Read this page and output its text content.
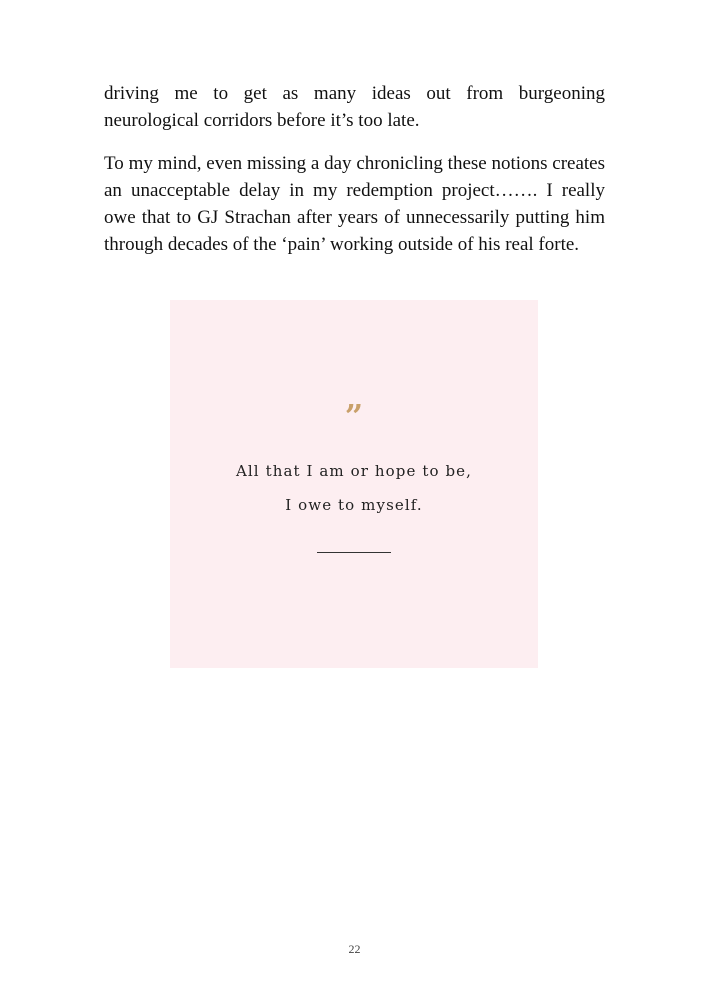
driving me to get as many ideas out from burgeoning neurological corridors before it’s too late.

To my mind, even missing a day chronicling these notions creates an unacceptable delay in my redemption project……. I really owe that to GJ Strachan after years of unnecessarily putting him through decades of the ‘pain’ working outside of his real forte.

”
All that I am or hope to be,
I owe to myself.
22
